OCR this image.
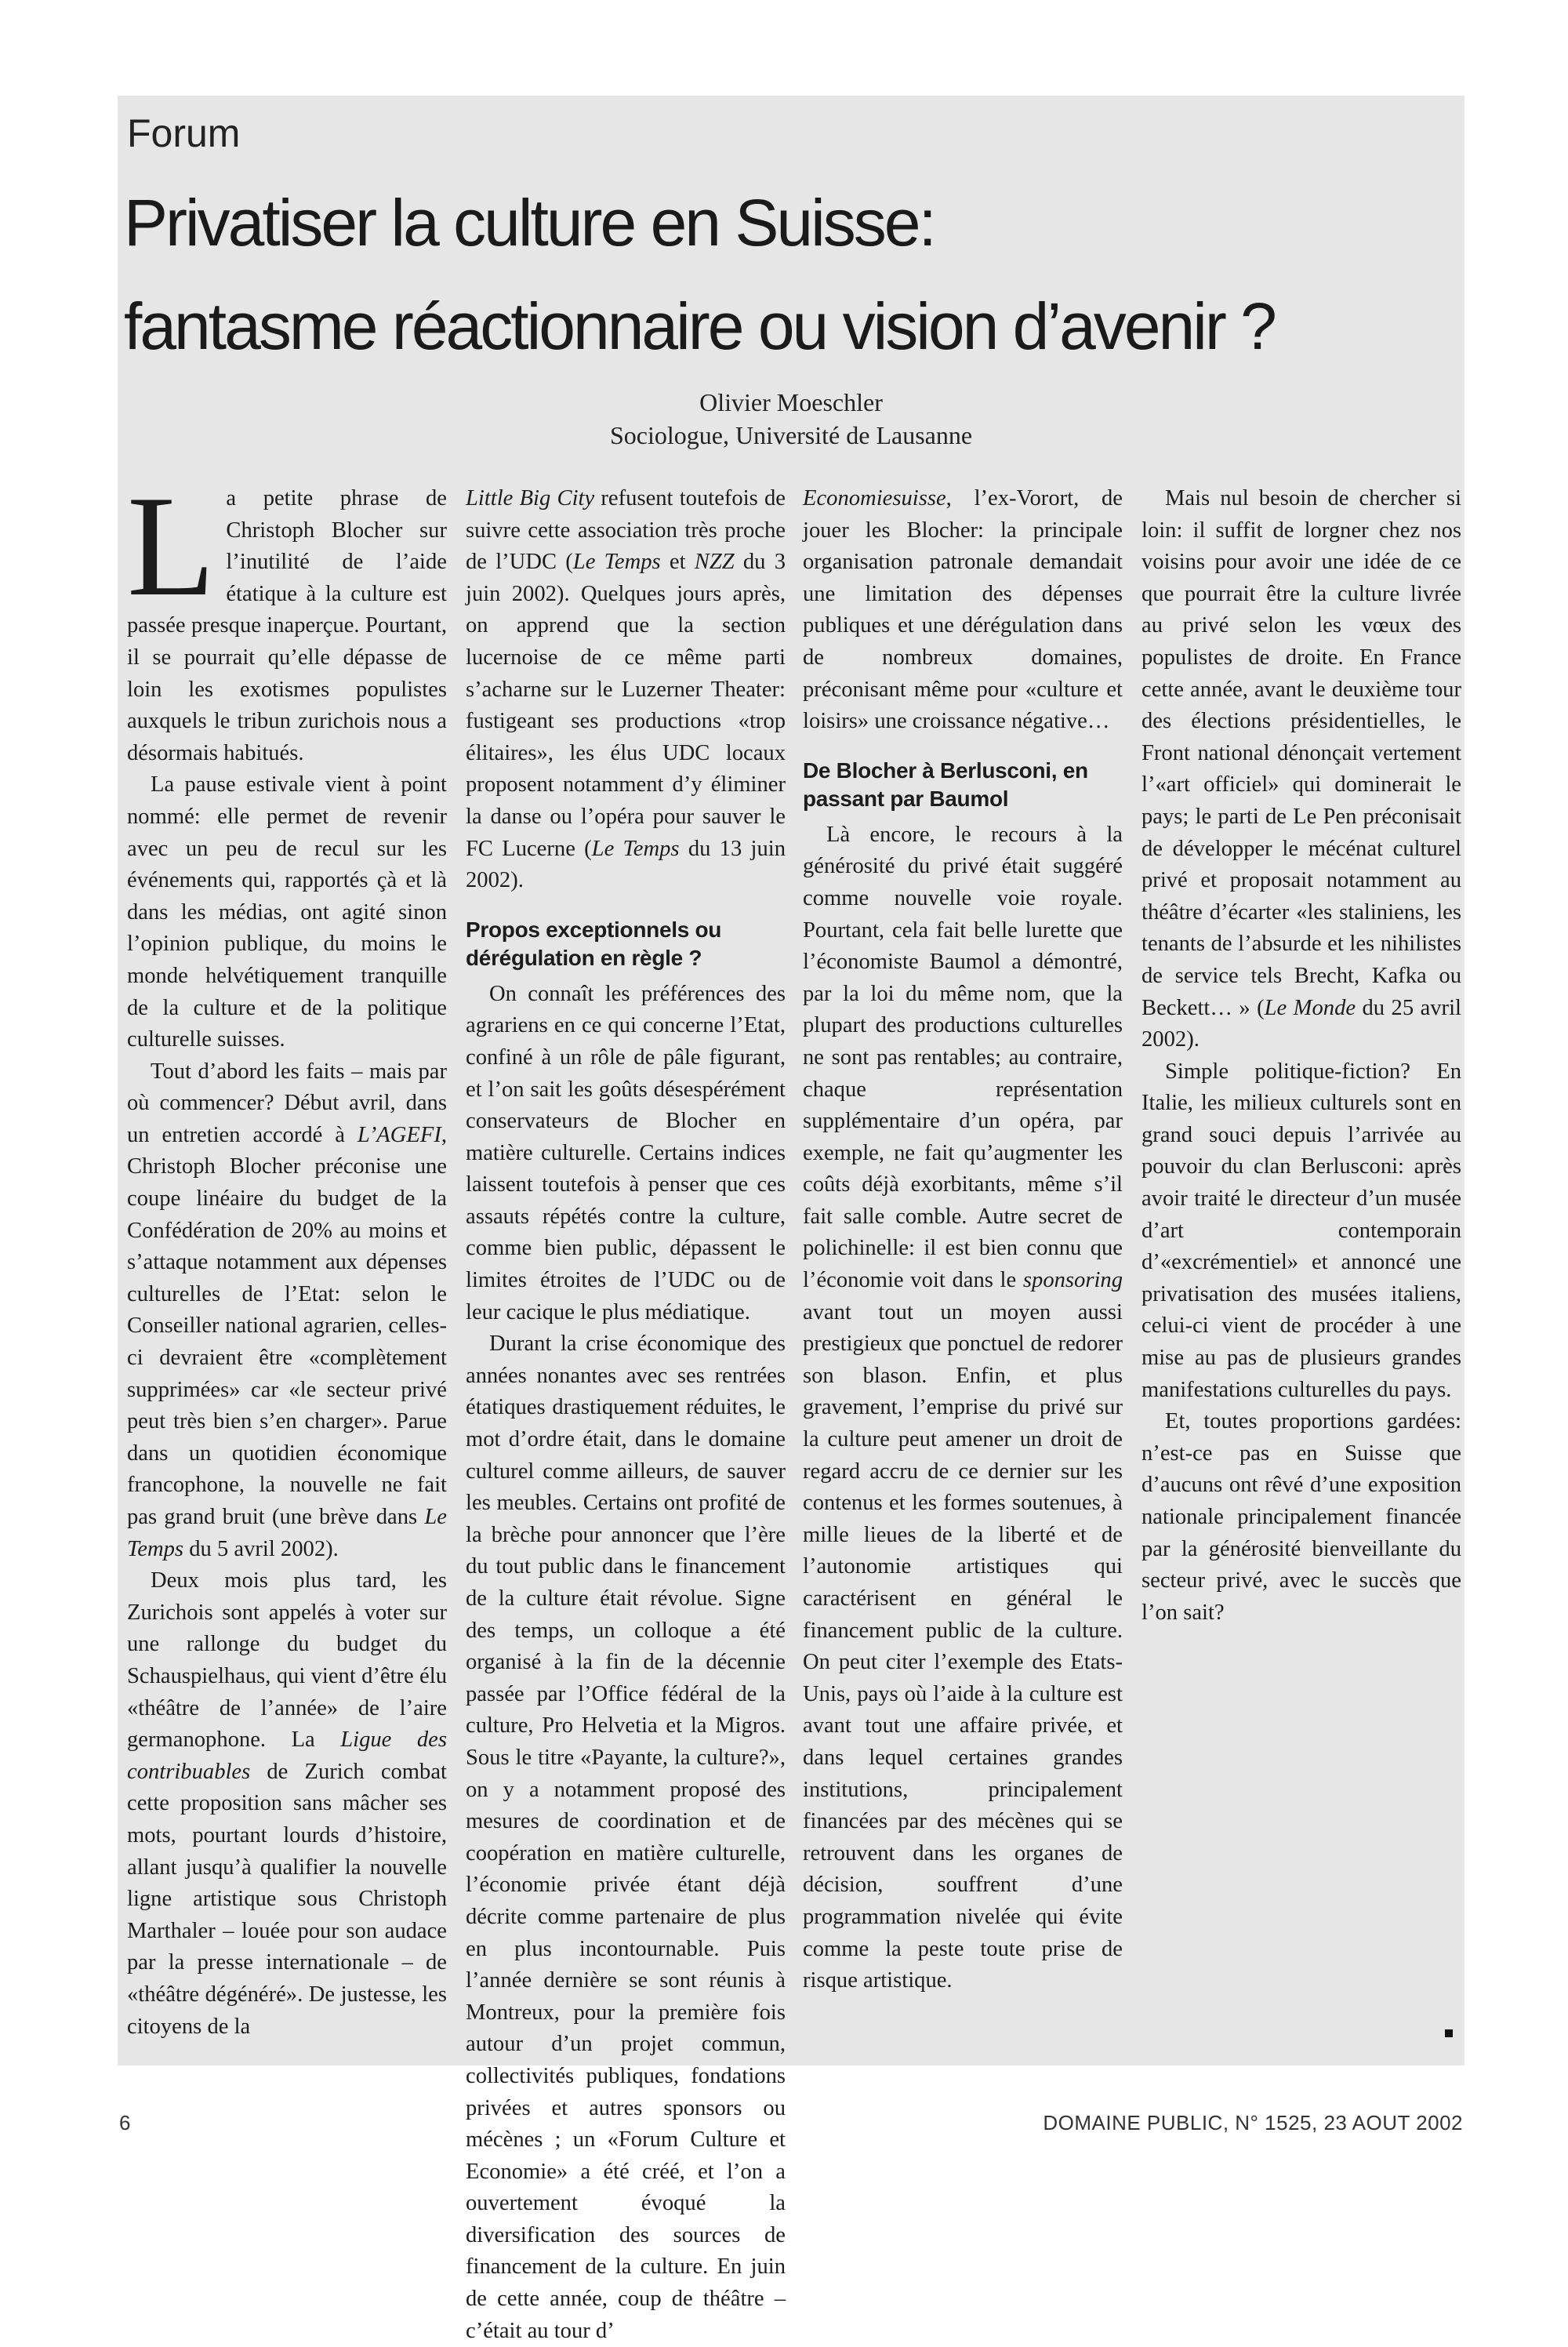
Forum
Privatiser la culture en Suisse:
fantasme réactionnaire ou vision d’avenir ?
Olivier Moeschler
Sociologue, Université de Lausanne

La petite phrase de Christoph Blocher sur l’inutilité de l’aide étatique à la culture est passée presque inaperçue. Pourtant, il se pourrait qu’elle dépasse de loin les exotismes populistes auxquels le tribun zurichois nous a désormais habitués.

La pause estivale vient à point nommé: elle permet de revenir avec un peu de recul sur les événements qui, rapportés çà et là dans les médias, ont agité sinon l’opinion publique, du moins le monde helvétiquement tranquille de la culture et de la politique culturelle suisses.

Tout d’abord les faits – mais par où commencer? Début avril, dans un entretien accordé à L’AGEFI, Christoph Blocher préconise une coupe linéaire du budget de la Confédération de 20% au moins et s’attaque notamment aux dépenses culturelles de l’Etat: selon le Conseiller national agrarien, celles-ci devraient être «complètement supprimées» car «le secteur privé peut très bien s’en charger». Parue dans un quotidien économique francophone, la nouvelle ne fait pas grand bruit (une brève dans Le Temps du 5 avril 2002).

Deux mois plus tard, les Zurichois sont appelés à voter sur une rallonge du budget du Schauspielhaus, qui vient d’être élu «théâtre de l’année» de l’aire germanophone. La Ligue des contribuables de Zurich combat cette proposition sans mâcher ses mots, pourtant lourds d’histoire, allant jusqu’à qualifier la nouvelle ligne artistique sous Christoph Marthaler – louée pour son audace par la presse internationale – de «théâtre dégénéré». De justesse, les citoyens de la

Little Big City refusent toutefois de suivre cette association très proche de l’UDC (Le Temps et NZZ du 3 juin 2002). Quelques jours après, on apprend que la section lucernoise de ce même parti s’acharne sur le Luzerner Theater: fustigeant ses productions «trop élitaires», les élus UDC locaux proposent notamment d’y éliminer la danse ou l’opéra pour sauver le FC Lucerne (Le Temps du 13 juin 2002).

Propos exceptionnels ou dérégulation en règle ?

On connaît les préférences des agrariens en ce qui concerne l’Etat, confiné à un rôle de pâle figurant, et l’on sait les goûts désespérément conservateurs de Blocher en matière culturelle. Certains indices laissent toutefois à penser que ces assauts répétés contre la culture, comme bien public, dépassent le limites étroites de l’UDC ou de leur cacique le plus médiatique.

Durant la crise économique des années nonantes avec ses rentrées étatiques drastiquement réduites, le mot d’ordre était, dans le domaine culturel comme ailleurs, de sauver les meubles. Certains ont profité de la brèche pour annoncer que l’ère du tout public dans le financement de la culture était révolue. Signe des temps, un colloque a été organisé à la fin de la décennie passée par l’Office fédéral de la culture, Pro Helvetia et la Migros. Sous le titre «Payante, la culture?», on y a notamment proposé des mesures de coordination et de coopération en matière culturelle, l’économie privée étant déjà décrite comme partenaire de plus en plus incontournable. Puis l’année dernière se sont réunis à Montreux, pour la première fois autour d’un projet commun, collectivités publiques, fondations privées et autres sponsors ou mécènes ; un «Forum Culture et Economie» a été créé, et l’on a ouvertement évoqué la diversification des sources de financement de la culture. En juin de cette année, coup de théâtre – c’était au tour d’

Economiesuisse, l’ex-Vorort, de jouer les Blocher: la principale organisation patronale demandait une limitation des dépenses publiques et une dérégulation dans de nombreux domaines, préconisant même pour «culture et loisirs» une croissance négative…

De Blocher à Berlusconi, en passant par Baumol

Là encore, le recours à la générosité du privé était suggéré comme nouvelle voie royale. Pourtant, cela fait belle lurette que l’économiste Baumol a démontré, par la loi du même nom, que la plupart des productions culturelles ne sont pas rentables; au contraire, chaque représentation supplémentaire d’un opéra, par exemple, ne fait qu’augmenter les coûts déjà exorbitants, même s’il fait salle comble. Autre secret de polichinelle: il est bien connu que l’économie voit dans le sponsoring avant tout un moyen aussi prestigieux que ponctuel de redorer son blason. Enfin, et plus gravement, l’emprise du privé sur la culture peut amener un droit de regard accru de ce dernier sur les contenus et les formes soutenues, à mille lieues de la liberté et de l’autonomie artistiques qui caractérisent en général le financement public de la culture. On peut citer l’exemple des Etats-Unis, pays où l’aide à la culture est avant tout une affaire privée, et dans lequel certaines grandes institutions, principalement financées par des mécènes qui se retrouvent dans les organes de décision, souffrent d’une programmation nivelée qui évite comme la peste toute prise de risque artistique.

Mais nul besoin de chercher si loin: il suffit de lorgner chez nos voisins pour avoir une idée de ce que pourrait être la culture livrée au privé selon les vœux des populistes de droite. En France cette année, avant le deuxième tour des élections présidentielles, le Front national dénonçait vertement l’«art officiel» qui dominerait le pays; le parti de Le Pen préconisait de développer le mécénat culturel privé et proposait notamment au théâtre d’écarter «les staliniens, les tenants de l’absurde et les nihilistes de service tels Brecht, Kafka ou Beckett… » (Le Monde du 25 avril 2002).

Simple politique-fiction? En Italie, les milieux culturels sont en grand souci depuis l’arrivée au pouvoir du clan Berlusconi: après avoir traité le directeur d’un musée d’art contemporain d’«excrémentiel» et annoncé une privatisation des musées italiens, celui-ci vient de procéder à une mise au pas de plusieurs grandes manifestations culturelles du pays.

Et, toutes proportions gardées: n’est-ce pas en Suisse que d’aucuns ont rêvé d’une exposition nationale principalement financée par la générosité bienveillante du secteur privé, avec le succès que l’on sait?

6	DOMAINE PUBLIC, N° 1525, 23 AOUT 2002
